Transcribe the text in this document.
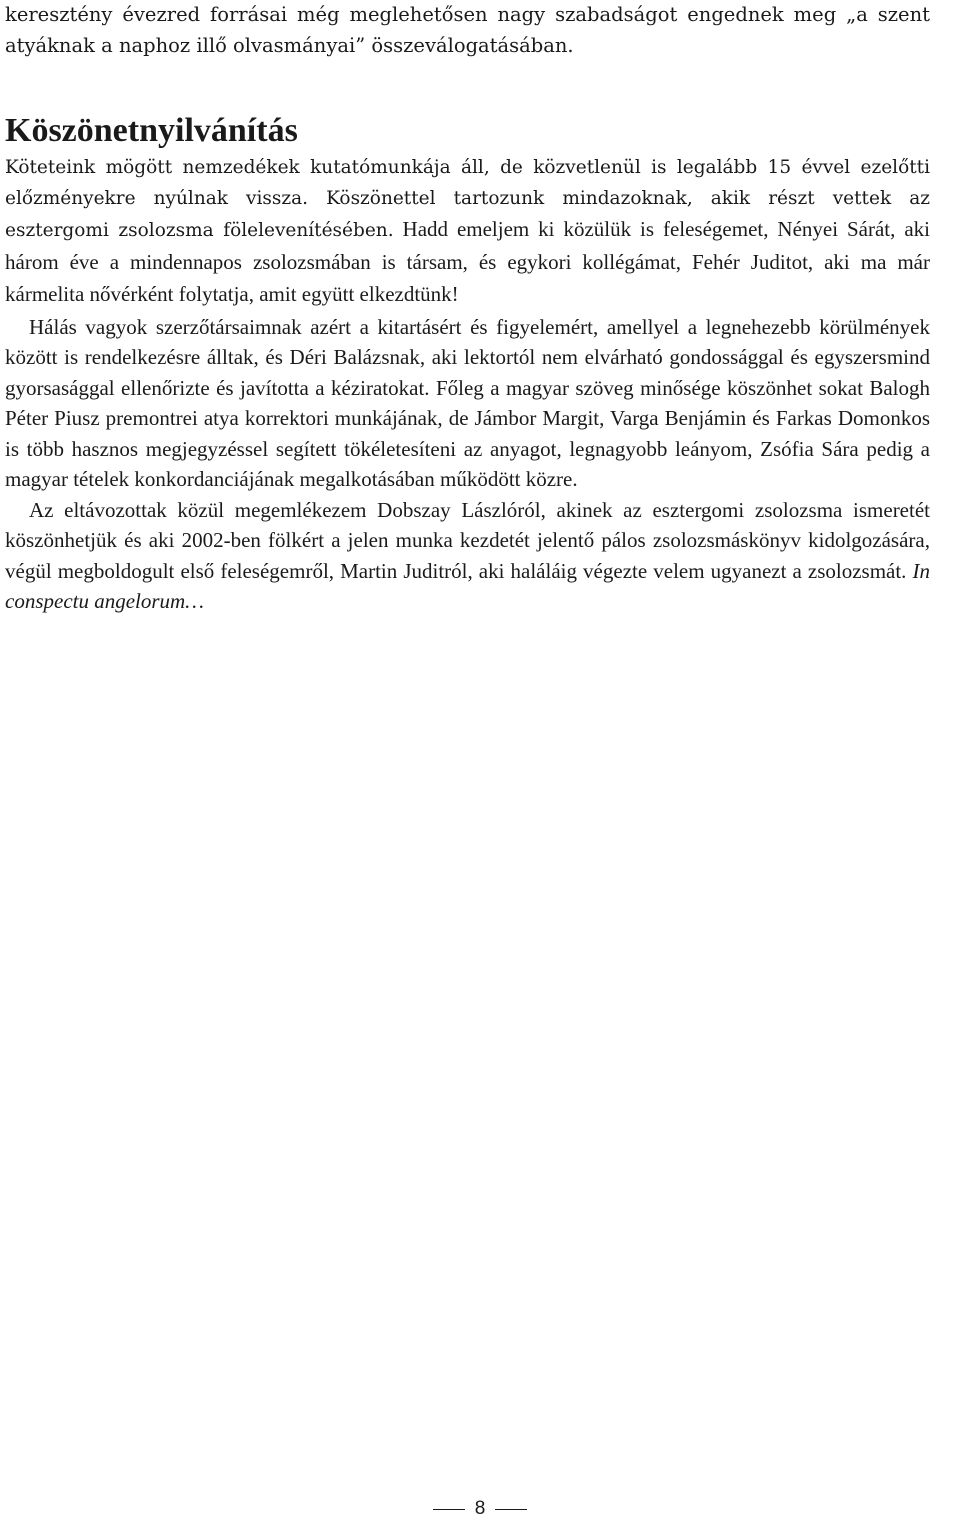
keresztény évezred forrásai még meglehetősen nagy szabadságot engednek meg „a szent atyáknak a naphoz illő olvasmányai” összeválogatásában.

Köszönetnyilvánítás

Köteteink mögött nemzedékek kutatómunkája áll, de közvetlenül is legalább 15 évvel ezelőtti előzményekre nyúlnak vissza. Köszönettel tartozunk mindazoknak, akik részt vettek az esztergomi zsolozsma fölelevenítésében. Hadd emeljem ki közülük is feleségemet, Nényei Sárát, aki három éve a mindennapos zsolozsmában is társam, és egykori kollégámat, Fehér Juditot, aki ma már kármelita nővérként folytatja, amit együtt elkezdtünk!

Hálás vagyok szerzőtársaimnak azért a kitartásért és figyelemért, amellyel a legnehezebb körülmények között is rendelkezésre álltak, és Déri Balázsnak, aki lektortól nem elvárható gondossággal és egyszersmind gyorsasággal ellenőrizte és javította a kéziratokat. Főleg a magyar szöveg minősége köszönhet sokat Balogh Péter Piusz premontrei atya korrektori munkájának, de Jámbor Margit, Varga Benjámin és Farkas Domonkos is több hasznos megjegyzéssel segített tökéletesíteni az anyagot, legnagyobb leányom, Zsófia Sára pedig a magyar tételek konkordanciájának megalkotásában működött közre.

Az eltávozottak közül megemlékezem Dobszay Lászlóról, akinek az esztergomi zsolozsma ismeretét köszönhetjük és aki 2002-ben fölkért a jelen munka kezdetét jelentő pálos zsolozsmáskönyv kidolgozására, végül megboldogult első feleségemről, Martin Juditról, aki haláláig végezte velem ugyanezt a zsolozsmát. In conspectu angelorum…

8
